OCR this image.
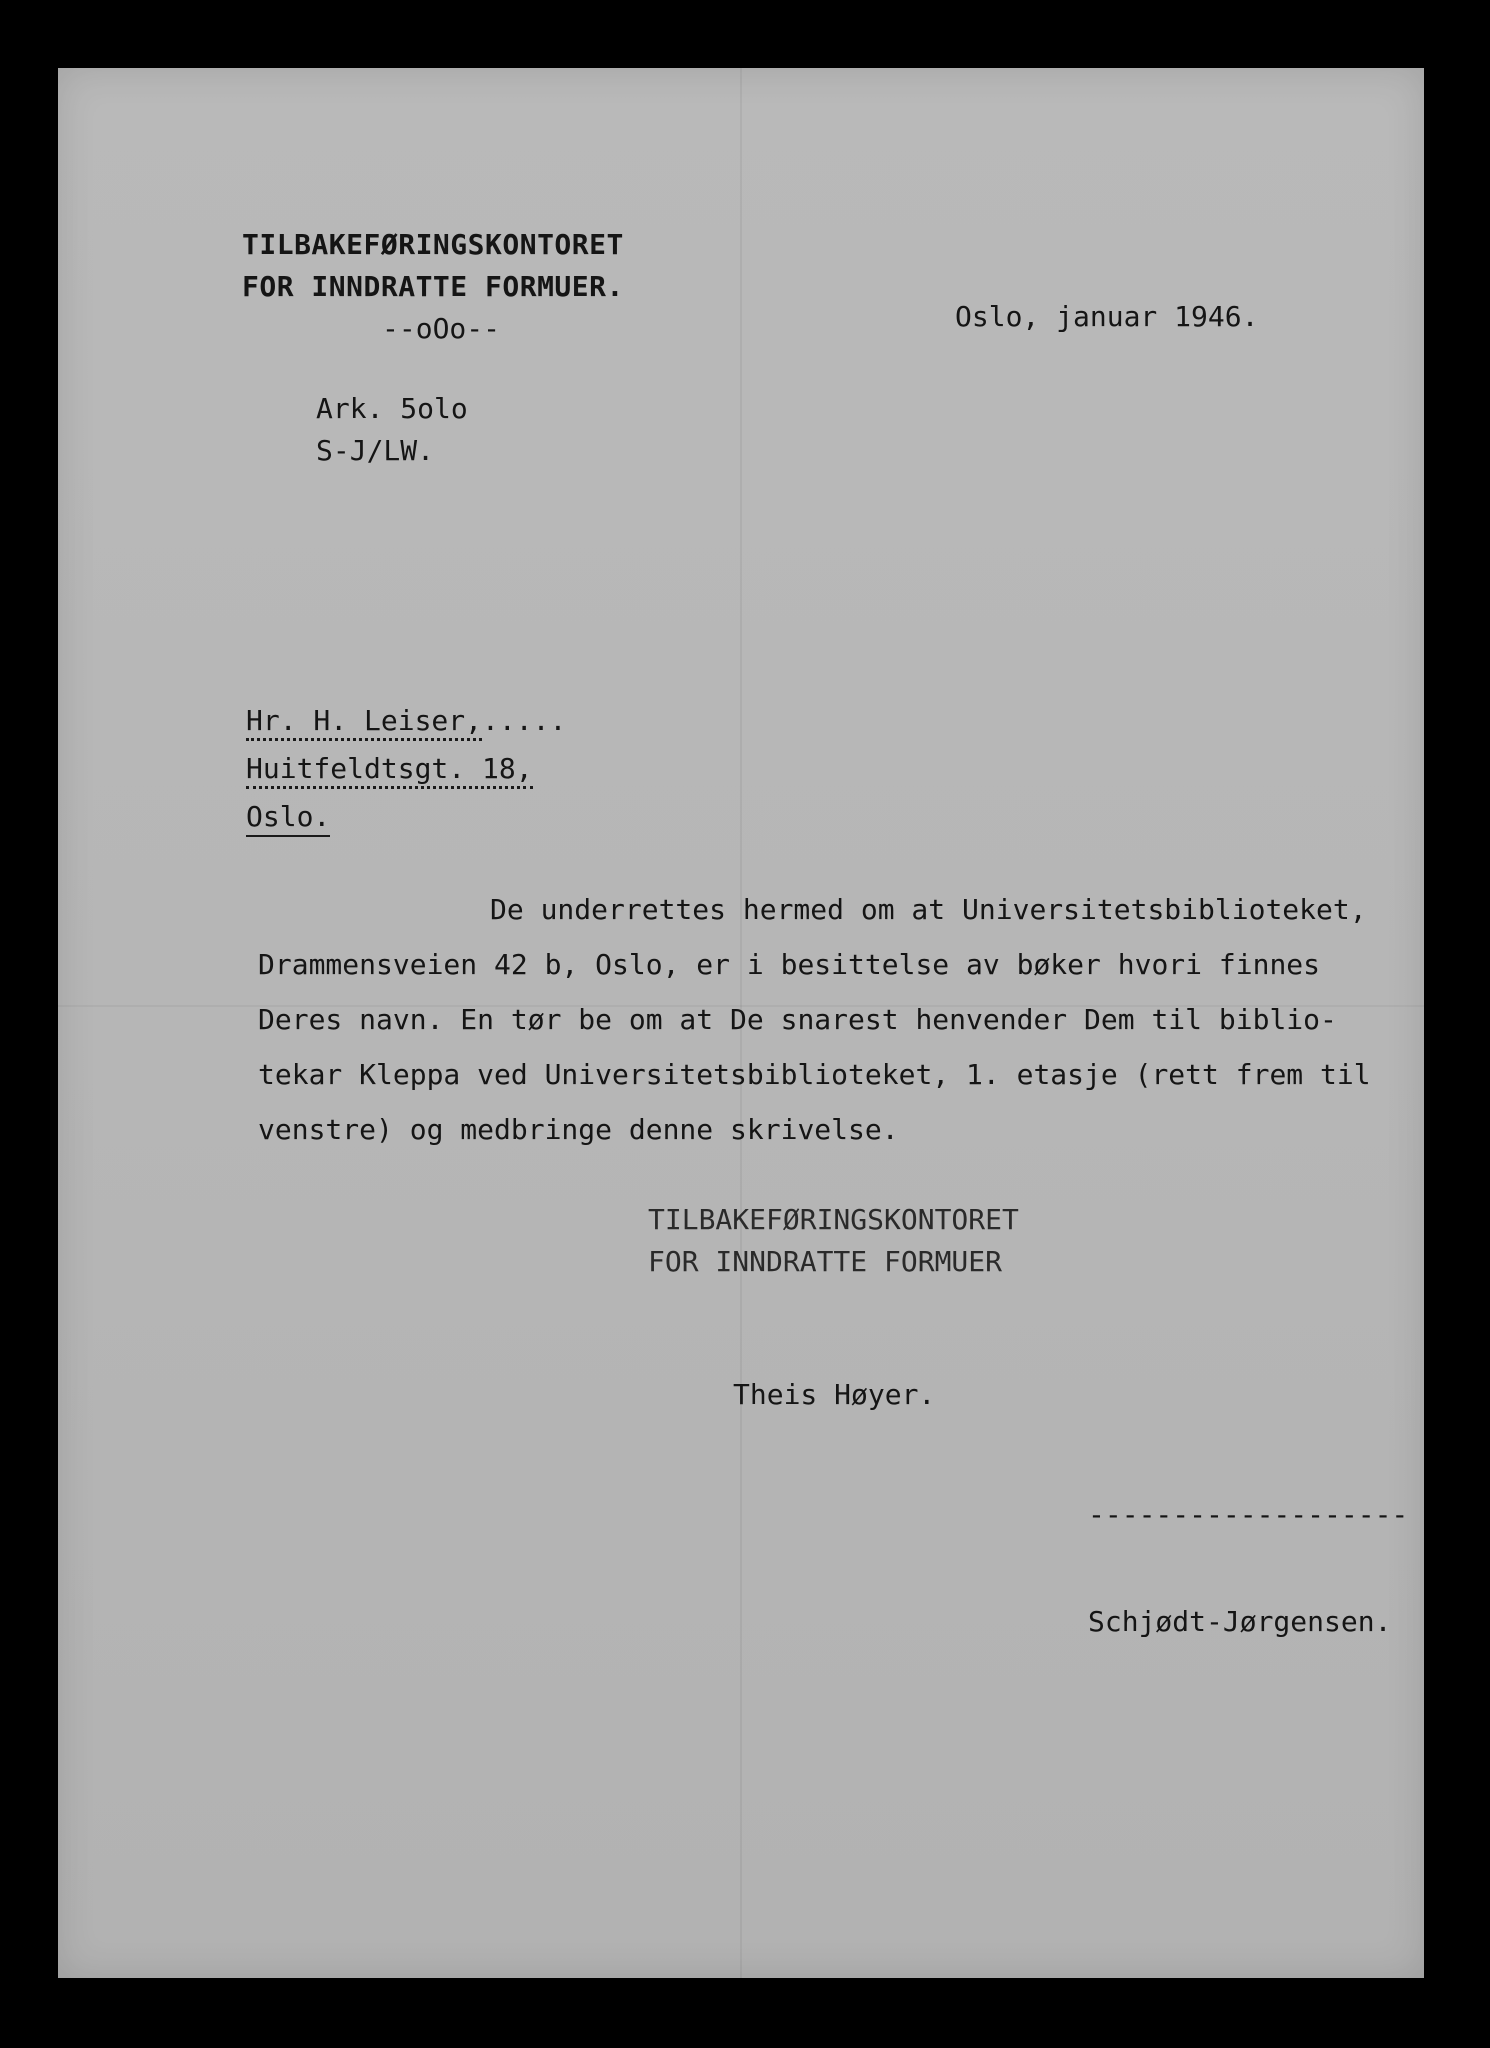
TILBAKEFØRINGSKONTORET

FOR INNDRATTE FORMUER.

--oOo--	Oslo, januar 1946.

Ark. 5olo

S-J/LW.

Hr. H. Leiser,.....

Huitfeldtsgt. 18,

Oslo.

De underrettes hermed om at Universitetsbiblioteket,

Drammensveien 42 b, Oslo, er i besittelse av bøker hvori finnes

Deres navn. En tør be om at De snarest henvender Dem til biblio-

tekar Kleppa ved Universitetsbiblioteket, 1. etasje (rett frem til

venstre) og medbringe denne skrivelse.

TILBAKEFØRINGSKONTORET

FOR INNDRATTE FORMUER

Theis Høyer.

-------------------

Schjødt-Jørgensen.
